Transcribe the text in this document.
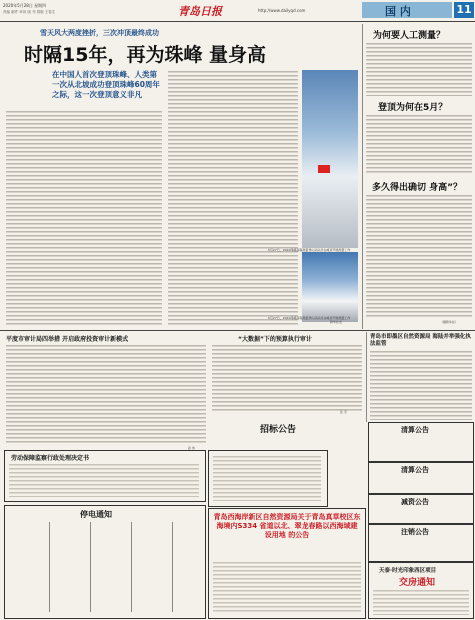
2020年5月28日 星期四
责编 邮件 审读 版 刊 排版 王春生	青岛日报	http://www.dailyqd.com	国 内	11
雪天风大两度挫折，三次冲顶最终成功
时隔15年，再为珠峰 量身高
在中国人首次登顶珠峰、人类第一次从北坡成功登顶珠峰60周年之际，这一次登顶意义非凡
5月27日，2020珠峰高程测量登山队队员在峰顶开展测量工作
5月27日，2020珠峰高程测量登山队队员在峰顶开展测量工作
新华社发
为何要人工测量？
登顶为何在5月？
多久得出确切 身高”？
（据新华社）
平度市审计局四举措 开启政府投资审计新模式
孙 伟
“大数据”下的预算执行审计
张 宇
青岛市即墨区自然资源局 海陆并举强化执法监管
劳动保障监察行政处理决定书
招标公告
停电通知	青岛西海岸新区自然资源局关于青岛真草校区东海境内S334 省道以北、翠龙春路以西海域建设用地 的公告
清算公告
清算公告
减资公告
注销公告
天泰·时光印象西区项目
交房通知
